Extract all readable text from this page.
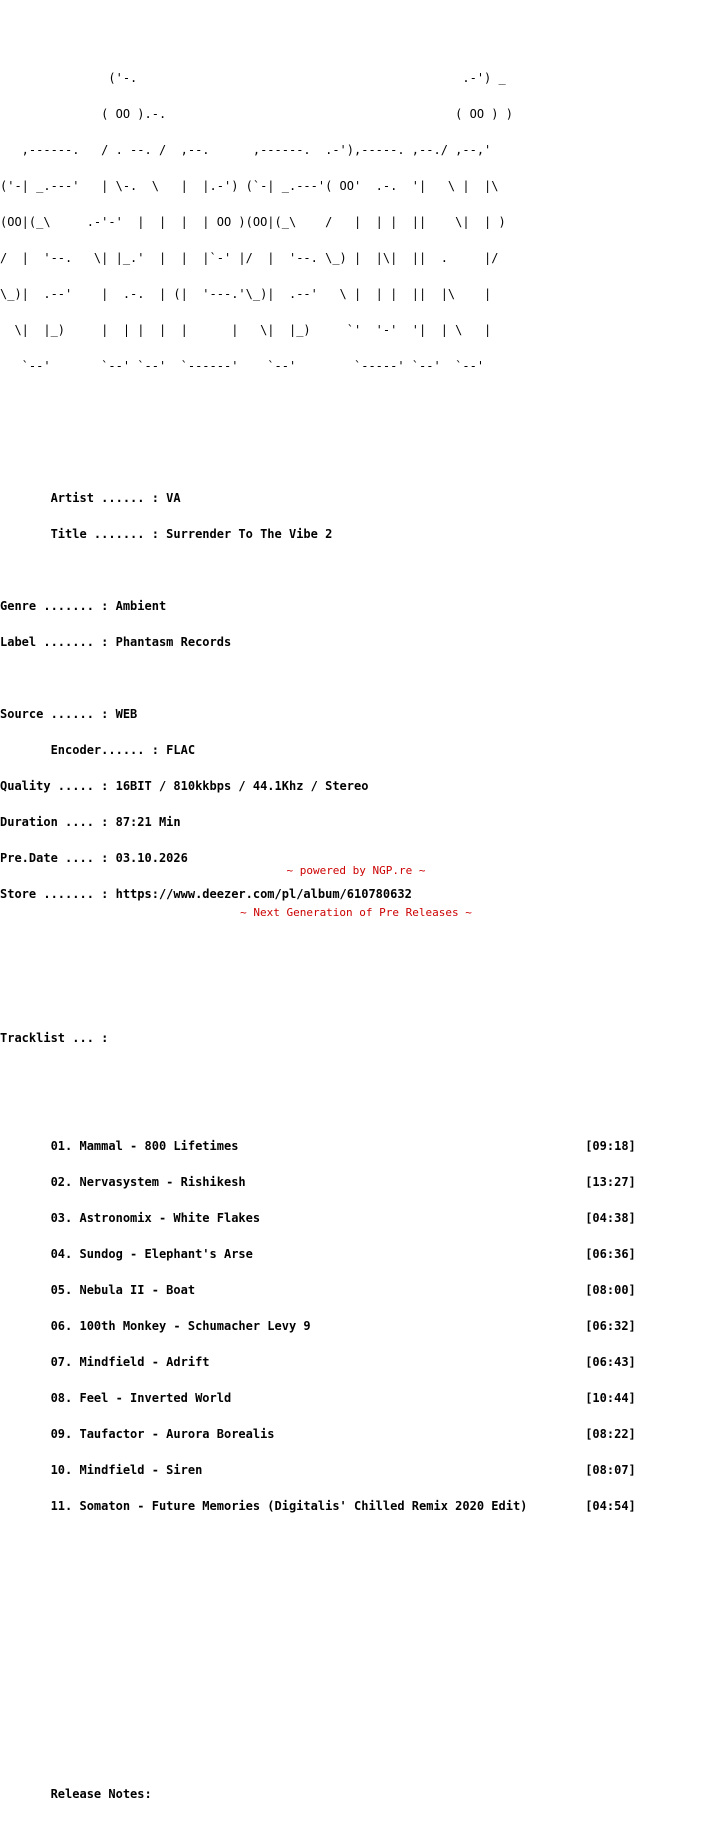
('-.                                             .-') _

( OO ).-.                                        ( OO ) )

,------.   / . --. /  ,--.      ,------.  .-'),-----. ,--./ ,--,'

('-| _.---'   | \-.  \   |  |.-') (`-| _.---'( OO'  .-.  '|   \ |  |\

(OO|(_\     .-'-'  |  |  |  | OO )(OO|(_\    /   |  | |  ||    \|  | )

/  |  '--.   \| |_.'  |  |  |`-' |/  |  '--. \_) |  |\|  ||  .     |/

\_)|  .--'    |  .-.  | (|  '---.'\_)|  .--'   \ |  | |  ||  |\    |

\|  |_)     |  | |  |  |      |   \|  |_)     `'  '-'  '|  | \   |

`--'       `--' `--'  `------'    `--'        `-----' `--'  `--'

Artist ...... : VA

Title ....... : Surrender To The Vibe 2

Genre ....... : Ambient

Label ....... : Phantasm Records

Source ...... : WEB

Encoder...... : FLAC

Quality ..... : 16BIT / 810kkbps / 44.1Khz / Stereo

Duration .... : 87:21 Min

Pre.Date .... : 03.10.2026

Store ....... : https://www.deezer.com/pl/album/610780632

Tracklist ... :

01. Mammal - 800 Lifetimes                                                [09:18]

02. Nervasystem - Rishikesh                                               [13:27]

03. Astronomix - White Flakes                                             [04:38]

04. Sundog - Elephant's Arse                                              [06:36]

05. Nebula II - Boat                                                      [08:00]

06. 100th Monkey - Schumacher Levy 9                                      [06:32]

07. Mindfield - Adrift                                                    [06:43]

08. Feel - Inverted World                                                 [10:44]

09. Taufactor - Aurora Borealis                                           [08:22]

10. Mindfield - Siren                                                     [08:07]

11. Somaton - Future Memories (Digitalis' Chilled Remix 2020 Edit)        [04:54]

Release Notes:

~ powered by NGP.re ~

~ Next Generation of Pre Releases ~
